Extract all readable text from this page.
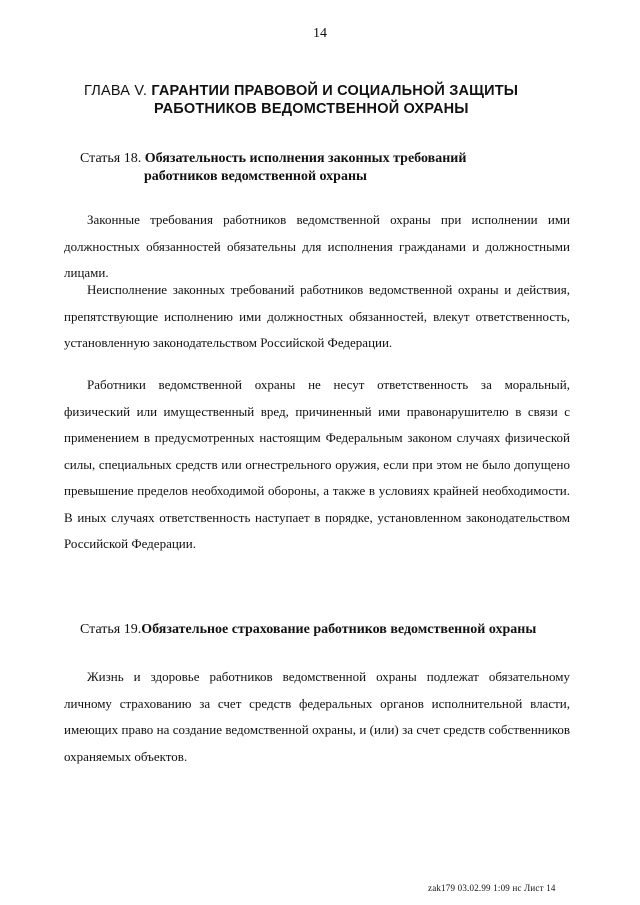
14
ГЛАВА V. ГАРАНТИИ ПРАВОВОЙ И СОЦИАЛЬНОЙ ЗАЩИТЫ
РАБОТНИКОВ ВЕДОМСТВЕННОЙ ОХРАНЫ
Статья 18. Обязательность исполнения законных требований
работников ведомственной охраны

Законные требования работников ведомственной охраны при исполнении ими должностных обязанностей обязательны для исполнения гражданами и должностными лицами.

Неисполнение законных требований работников ведомственной охраны и действия, препятствующие исполнению ими должностных обязанностей, влекут ответственность, установленную законодательством Российской Федерации.

Работники ведомственной охраны не несут ответственность за моральный, физический или имущественный вред, причиненный ими правонарушителю в связи с применением в предусмотренных настоящим Федеральным законом случаях физической силы, специальных средств или огнестрельного оружия, если при этом не было допущено превышение пределов необходимой обороны, а также в условиях крайней необходимости. В иных случаях ответственность наступает в порядке, установленном законодательством Российской Федерации.

Статья 19.Обязательное страхование работников ведомственной охраны

Жизнь и здоровье работников ведомственной охраны подлежат обязательному личному страхованию за счет средств федеральных органов исполнительной власти, имеющих право на создание ведомственной охраны, и (или) за счет средств собственников охраняемых объектов.

zak179 03.02.99 1:09 нс Лист 14
